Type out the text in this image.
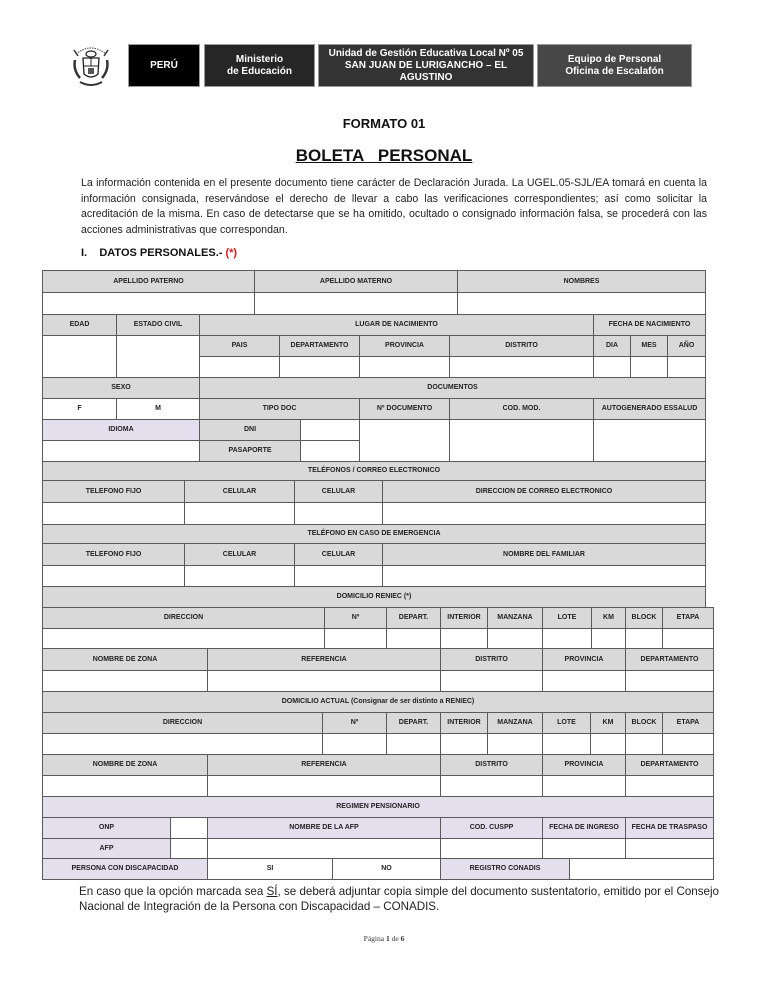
PERÚ
Ministerio
de Educación
Unidad de Gestión Educativa Local Nº 05
SAN JUAN DE LURIGANCHO – EL AGUSTINO
Equipo de Personal
Oficina de Escalafón
FORMATO 01
BOLETA   PERSONAL
La información contenida en el presente documento tiene carácter de Declaración Jurada. La UGEL.05-SJL/EA tomará en cuenta la información consignada, reservándose el derecho de llevar a cabo las verificaciones correspondientes; así como solicitar la acreditación de la misma. En caso de detectarse que se ha omitido, ocultado o consignado información falsa, se procederá con las acciones administrativas que correspondan.
I. DATOS PERSONALES.- (*)
APELLIDO PATERNO	APELLIDO MATERNO	NOMBRES
EDAD	ESTADO CIVIL	LUGAR DE NACIMIENTO	FECHA DE NACIMIENTO
PAIS	DEPARTAMENTO	PROVINCIA	DISTRITO	DIA	MES	AÑO
SEXO	DOCUMENTOS
F	M	TIPO DOC	Nº DOCUMENTO	COD. MOD.	AUTOGENERADO ESSALUD
IDIOMA	DNI
PASAPORTE
TELÉFONOS / CORREO ELECTRONICO
TELEFONO FIJO	CELULAR	CELULAR	DIRECCION DE CORREO ELECTRONICO
TELÉFONO EN CASO DE EMERGENCIA
TELEFONO FIJO	CELULAR	CELULAR	NOMBRE DEL FAMILIAR
DOMICILIO RENIEC (*)
DIRECCION	Nº	DEPART.	INTERIOR	MANZANA	LOTE	KM	BLOCK	ETAPA
NOMBRE DE ZONA	REFERENCIA	DISTRITO	PROVINCIA	DEPARTAMENTO
DOMICILIO ACTUAL (Consignar de ser distinto a RENIEC)
DIRECCION	Nº	DEPART.	INTERIOR	MANZANA	LOTE	KM	BLOCK	ETAPA
NOMBRE DE ZONA	REFERENCIA	DISTRITO	PROVINCIA	DEPARTAMENTO
REGIMEN PENSIONARIO
ONP	NOMBRE DE LA AFP	COD. CUSPP	FECHA DE INGRESO	FECHA DE TRASPASO
AFP
PERSONA CON DISCAPACIDAD	SI	NO	REGISTRO CONADIS
En caso que la opción marcada sea SÍ, se deberá adjuntar copia simple del documento sustentatorio, emitido por el Consejo Nacional de Integración de la Persona con Discapacidad – CONADIS.
Página 1 de 6
